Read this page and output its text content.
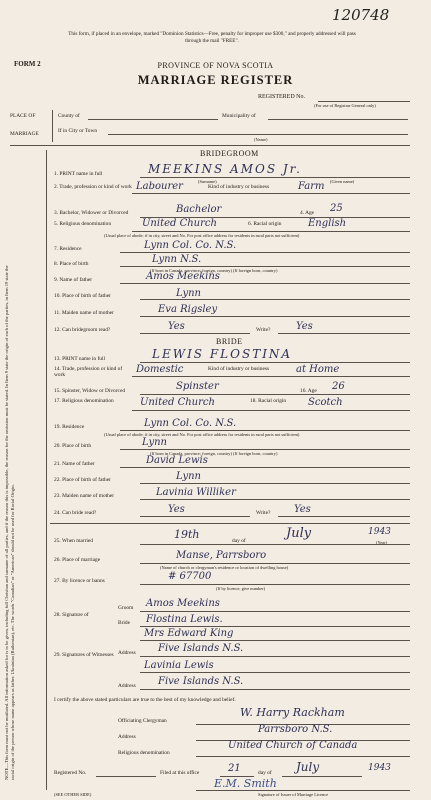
120748
This form, if placed in an envelope, marked "Dominion Statistics—Free, penalty for improper use $300," and properly addressed will pass through the mail "FREE".
FORM 2	PROVINCE OF NOVA SCOTIA
MARRIAGE REGISTER
REGISTERED No.
(For use of Registrar General only)
PLACE OF
MARRIAGE
County of	Municipality of
If in City or Town
(Name)
NOTE—This form must not be mutilated. All information asked for is to be given, including full Christian and surname of all parties, and if the reason this is impossible, the reason for the omission must be stated. In Item 9 state the origin of each of the parties, in Item 19 state the racial origin of the person whose name appears as father. Ukrainian (Ruthenian), etc. The words "Canadian" or "American" should not be used for Racial Origin.
BRIDEGROOM
1. PRINT name in full	MEEKINS AMOS Jr.
(Surname)	(Given name)
2. Trade, profession or kind of work Labourer	Kind of industry or business	Farm
3. Bachelor, Widower or Divorced	Bachelor	4. Age 25
5. Religious denomination	United Church	6. Racial origin	English
(Usual place of abode; if in city, street and No. For post office address for residents in rural parts not sufficient)
7. Residence	Lynn Col. Co. N.S.
8. Place of birth	Lynn N.S.
(If born in Canada, province; foreign, country) (If foreign born, country)
9. Name of father	Amos Meekins
10. Place of birth of father	Lynn
11. Maiden name of mother	Eva Rigsley
12. Can bridegroom read?	Yes	Write?	Yes
BRIDE
13. PRINT name in full	LEWIS FLOSTINA
14. Trade, profession or kind of work	Domestic	Kind of industry or business	at Home
15. Spinster, Widow or Divorced	Spinster	16. Age 26
17. Religious denomination	United Church	18. Racial origin	Scotch
19. Residence	Lynn Col. Co. N.S.
(Usual place of abode; if in city, street and No. For post office address for residents in rural parts not sufficient)
20. Place of birth	Lynn
(If born in Canada, province; foreign, country) (If foreign born, country)
21. Name of father	David Lewis
22. Place of birth of father	Lynn
23. Maiden name of mother	Lavinia Williker
24. Can bride read?	Yes	Write? Yes
25. When married	19th	day of	July	1943
(Year)
26. Place of marriage	Manse, Parrsboro
(Name of church or clergyman's residence or location of dwelling house)
27. By licence or banns	# 67700
(If by licence, give number)
28. Signature of
Groom Amos Meekins
Bride Flostina Lewis.
29. Signatures of Witnesses
Mrs Edward King
Address Five Islands N.S.
Lavinia Lewis
Address Five Islands N.S.
I certify the above stated particulars are true to the best of my knowledge and belief.
Officiating Clergyman
W. Harry Rackham
Address
Parrsboro N.S.
Religious denomination
United Church of Canada
Registered No.	Filed at this office	21	day of July	1943
E.M. Smith
Signature of Issuer of Marriage Licence
(SEE OTHER SIDE)
